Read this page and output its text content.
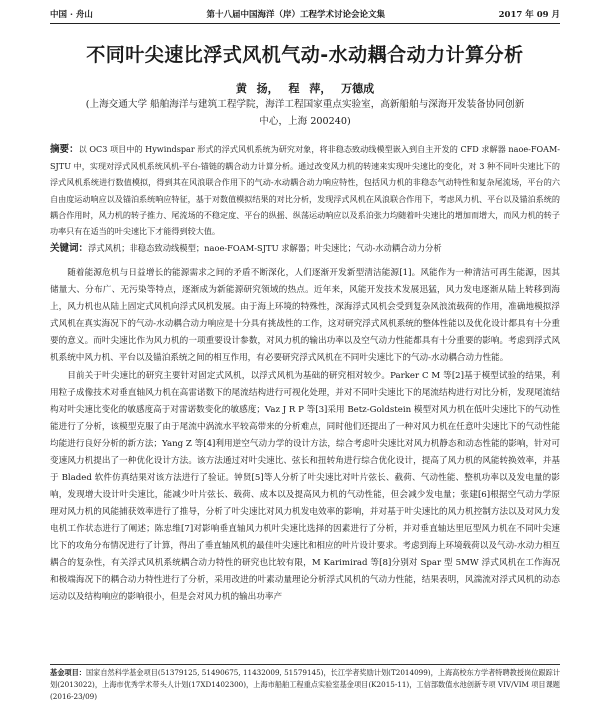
中国 · 舟山	第十八届中国海洋（岸）工程学术讨论会论文集	2017 年 09 月
不同叶尖速比浮式风机气动-水动耦合动力计算分析
黄 扬， 程 萍， 万德成
(上海交通大学 船舶海洋与建筑工程学院，海洋工程国家重点实验室，高新船舶与深海开发装备协同创新
中心，上海 200240)
摘要：以 OC3 项目中的 Hywindspar 形式的浮式风机系统为研究对象，将非稳态致动线模型嵌入到自主开发的 CFD 求解器 naoe-FOAM-SJTU 中，实现对浮式风机系统风机-平台-锚链的耦合动力计算分析。通过改变风力机的转速来实现叶尖速比的变化，对 3 种不同叶尖速比下的浮式风机系统进行数值模拟，得到其在风浪联合作用下的气动-水动耦合动力响应特性，包括风力机的非稳态气动特性和复杂尾流场，平台的六自由度运动响应以及锚泊系统响应特征，基于对数值模拟结果的对比分析，发现浮式风机在风浪联合作用下，考虑风力机、平台以及锚泊系统的耦合作用时，风力机的转子推力、尾流场的不稳定度、平台的纵摇、纵荡运动响应以及系泊张力均随着叶尖速比的增加而增大，而风力机的转子功率只有在适当的叶尖速比下才能得到较大值。
关键词：浮式风机；非稳态致动线模型；naoe-FOAM-SJTU 求解器；叶尖速比；气动-水动耦合动力分析

随着能源危机与日益增长的能源需求之间的矛盾不断深化，人们逐渐开发新型清洁能源[1]。风能作为一种清洁可再生能源，因其储量大、分布广、无污染等特点，逐渐成为新能源研究领域的热点。近年来，风能开发技术发展迅猛，风力发电逐渐从陆上转移到海上，风力机也从陆上固定式风机向浮式风机发展。由于海上环境的特殊性，深海浮式风机会受到复杂风浪流载荷的作用，准确地模拟浮式风机在真实海况下的气动-水动耦合动力响应是十分具有挑战性的工作，这对研究浮式风机系统的整体性能以及优化设计都具有十分重要的意义。而叶尖速比作为风力机的一项重要设计参数，对风力机的输出功率以及空气动力性能都具有十分重要的影响。考虑到浮式风机系统中风力机、平台以及锚泊系统之间的相互作用，有必要研究浮式风机在不同叶尖速比下的气动-水动耦合动力性能。

目前关于叶尖速比的研究主要针对固定式风机，以浮式风机为基础的研究相对较少。Parker C M 等[2]基于模型试验的结果，利用粒子成像技术对垂直轴风力机在高雷诺数下的尾流结构进行可视化处理，并对不同叶尖速比下的尾流结构进行对比分析，发现尾流结构对叶尖速比变化的敏感度高于对雷诺数变化的敏感度；Vaz J R P 等[3]采用 Betz-Goldstein 模型对风力机在低叶尖速比下的气动性能进行了分析，该模型克服了由于尾流中涡流水平较高带来的分析难点，同时他们还提出了一种对风力机在任意叶尖速比下的气动性能均能进行良好分析的新方法；Yang Z 等[4]利用逆空气动力学的设计方法，综合考虑叶尖速比对风力机静态和动态性能的影响，针对可变速风力机提出了一种优化设计方法。该方法通过对叶尖速比、弦长和扭转角进行综合优化设计，提高了风力机的风能转换效率，并基于 Bladed 软件仿真结果对该方法进行了验证。钟贤[5]等人分析了叶尖速比对叶片弦长、截荷、气动性能、整机功率以及发电量的影响，发现增大设计叶尖速比，能减少叶片弦长、载荷、成本以及提高风力机的气动性能，但会减少发电量；张建[6]根据空气动力学原理对风力机的风能捕获效率进行了推导，分析了叶尖速比对风力机发电效率的影响，并对基于叶尖速比的风力机控制方法以及对风力发电机工作状态进行了阐述；陈忠维[7]对影响垂直轴风力机叶尖速比选择的因素进行了分析，并对垂直轴达里厄型风力机在不同叶尖速比下的攻角分布情况进行了计算，得出了垂直轴风机的最佳叶尖速比和相应的叶片设计要求。考虑到海上环境载荷以及气动-水动力相互耦合的复杂性，有关浮式风机系统耦合动力特性的研究也比较有限，M Karimirad 等[8]分别对 Spar 型 5MW 浮式风机在工作海况和极端海况下的耦合动力特性进行了分析，采用改进的叶素动量理论分析浮式风机的气动力性能，结果表明，风湍流对浮式风机的动态运动以及结构响应的影响很小，但是会对风力机的输出功率产

基金项目：国家自然科学基金项目(51379125, 51490675, 11432009, 51579145)，长江学者奖励计划(T2014099)，上海高校东方学者特聘教授岗位跟踪计划(2013022)，上海市优秀学术带头人计划(17XD1402300)，上海市船舶工程重点实验室基金项目(K2015-11)，工信部数值水池创新专项 VIV/VIM 项目课题(2016-23/09)
